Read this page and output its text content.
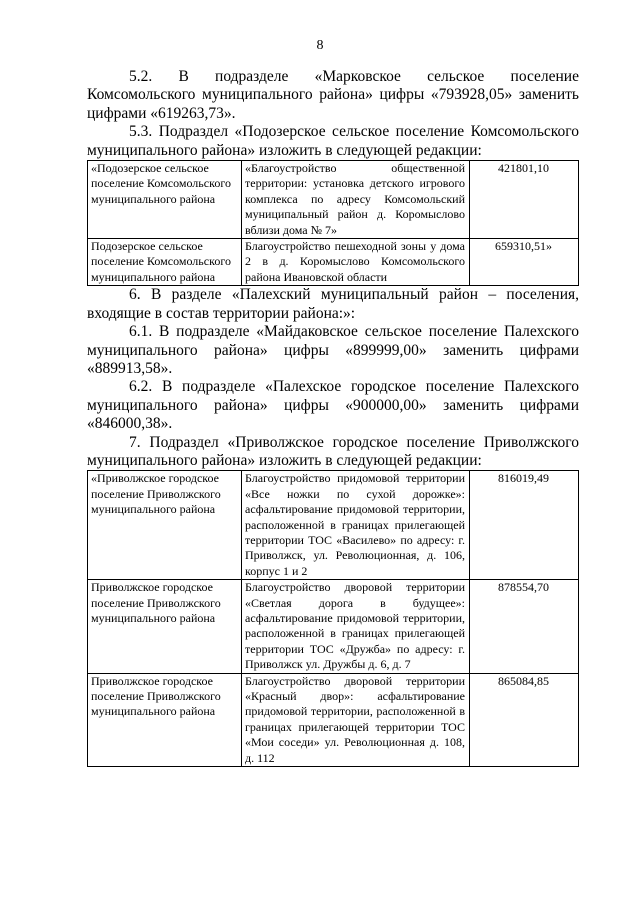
8

5.2. В подразделе «Марковское сельское поселение Комсомольского муниципального района» цифры «793928,05» заменить цифрами «619263,73».

5.3. Подраздел «Подозерское сельское поселение Комсомольского муниципального района» изложить в следующей редакции:

«Подозерское сельское поселение Комсомольского муниципального района	«Благоустройство общественной территории: установка детского игрового комплекса по адресу Комсомольский муниципальный район д. Коромыслово вблизи дома № 7»	421801,10
Подозерское сельское поселение Комсомольского муниципального района	Благоустройство пешеходной зоны у дома 2 в д. Коромыслово Комсомольского района Ивановской области	659310,51»

6. В разделе «Палехский муниципальный район – поселения, входящие в состав территории района:»:

6.1. В подразделе «Майдаковское сельское поселение Палехского муниципального района» цифры «899999,00» заменить цифрами «889913,58».

6.2. В подразделе «Палехское городское поселение Палехского муниципального района» цифры «900000,00» заменить цифрами «846000,38».

7. Подраздел «Приволжское городское поселение Приволжского муниципального района» изложить в следующей редакции:

«Приволжское городское поселение Приволжского муниципального района	Благоустройство придомовой территории «Все ножки по сухой дорожке»: асфальтирование придомовой территории, расположенной в границах прилегающей территории ТОС «Василево» по адресу: г. Приволжск, ул. Революционная, д. 106, корпус 1 и 2	816019,49
Приволжское городское поселение Приволжского муниципального района	Благоустройство дворовой территории «Светлая дорога в будущее»: асфальтирование придомовой территории, расположенной в границах прилегающей территории ТОС «Дружба» по адресу: г. Приволжск ул. Дружбы д. 6, д. 7	878554,70
Приволжское городское поселение Приволжского муниципального района	Благоустройство дворовой территории «Красный двор»: асфальтирование придомовой территории, расположенной в границах прилегающей территории ТОС «Мои соседи» ул. Революционная д. 108, д. 112	865084,85
